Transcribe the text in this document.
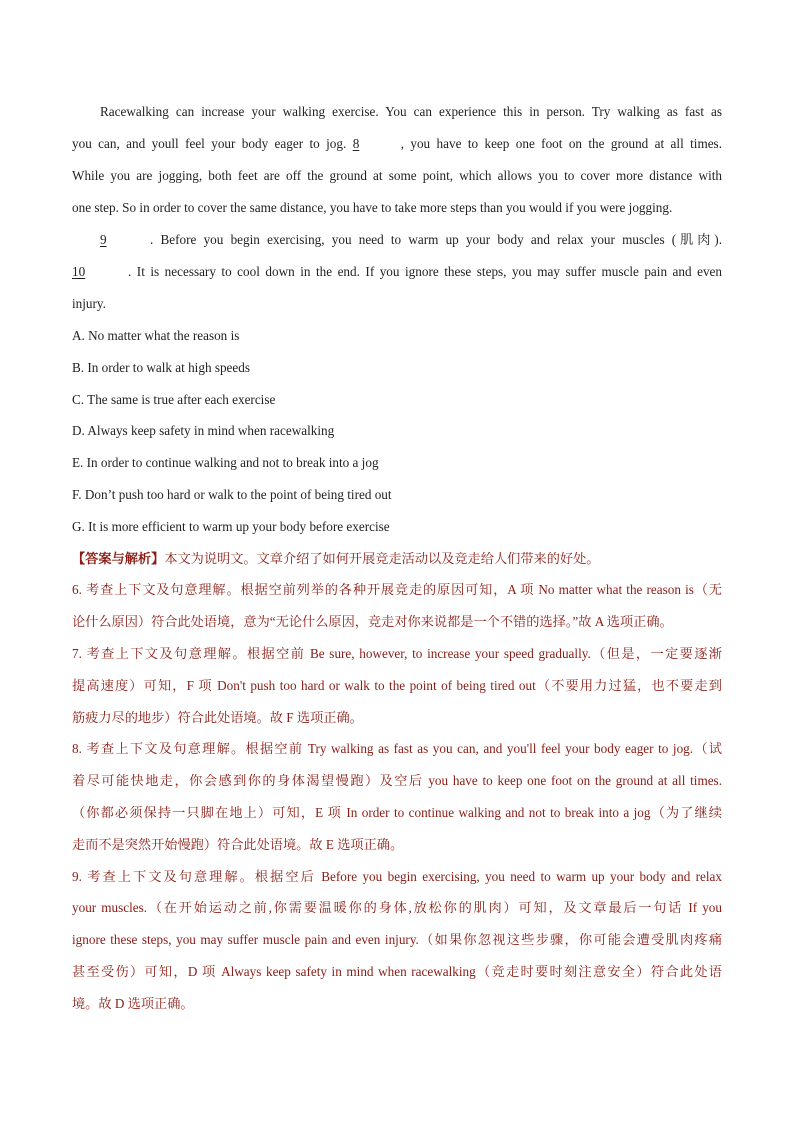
Racewalking can increase your walking exercise. You can experience this in person. Try walking as fast as

you can, and youll feel your body eager to jog. 8	, you have to keep one foot on the ground at all times.

While you are jogging, both feet are off the ground at some point, which allows you to cover more distance with

one step. So in order to cover the same distance, you have to take more steps than you would if you were jogging.

9	. Before you begin exercising, you need to warm up your body and relax your muscles (肌肉).

10	. It is necessary to cool down in the end. If you ignore these steps, you may suffer muscle pain and even

injury.

A. No matter what the reason is

B. In order to walk at high speeds

C. The same is true after each exercise

D. Always keep safety in mind when racewalking

E. In order to continue walking and not to break into a jog

F. Don’t push too hard or walk to the point of being tired out

G. It is more efficient to warm up your body before exercise

【答案与解析】本文为说明文。文章介绍了如何开展竞走活动以及竞走给人们带来的好处。

6. 考查上下文及句意理解。根据空前列举的各种开展竞走的原因可知，A 项 No matter what the reason is（无

论什么原因）符合此处语境，意为“无论什么原因，竞走对你来说都是一个不错的选择。”故 A 选项正确。

7. 考查上下文及句意理解。根据空前 Be sure, however, to increase your speed gradually.（但是，一定要逐渐

提高速度）可知，F 项 Don't push too hard or walk to the point of being tired out（不要用力过猛，也不要走到

筋疲力尽的地步）符合此处语境。故 F 选项正确。

8. 考查上下文及句意理解。根据空前 Try walking as fast as you can, and you'll feel your body eager to jog.（试

着尽可能快地走，你会感到你的身体渴望慢跑）及空后 you have to keep one foot on the ground at all times.

（你都必须保持一只脚在地上）可知，E 项 In order to continue walking and not to break into a jog（为了继续

走而不是突然开始慢跑）符合此处语境。故 E 选项正确。

9. 考查上下文及句意理解。根据空后 Before you begin exercising, you need to warm up your body and relax

your muscles.（在开始运动之前,你需要温暖你的身体,放松你的肌肉）可知，及文章最后一句话 If you

ignore these steps, you may suffer muscle pain and even injury.（如果你忽视这些步骤，你可能会遭受肌肉疼痛

甚至受伤）可知，D 项 Always keep safety in mind when racewalking（竞走时要时刻注意安全）符合此处语

境。故 D 选项正确。
